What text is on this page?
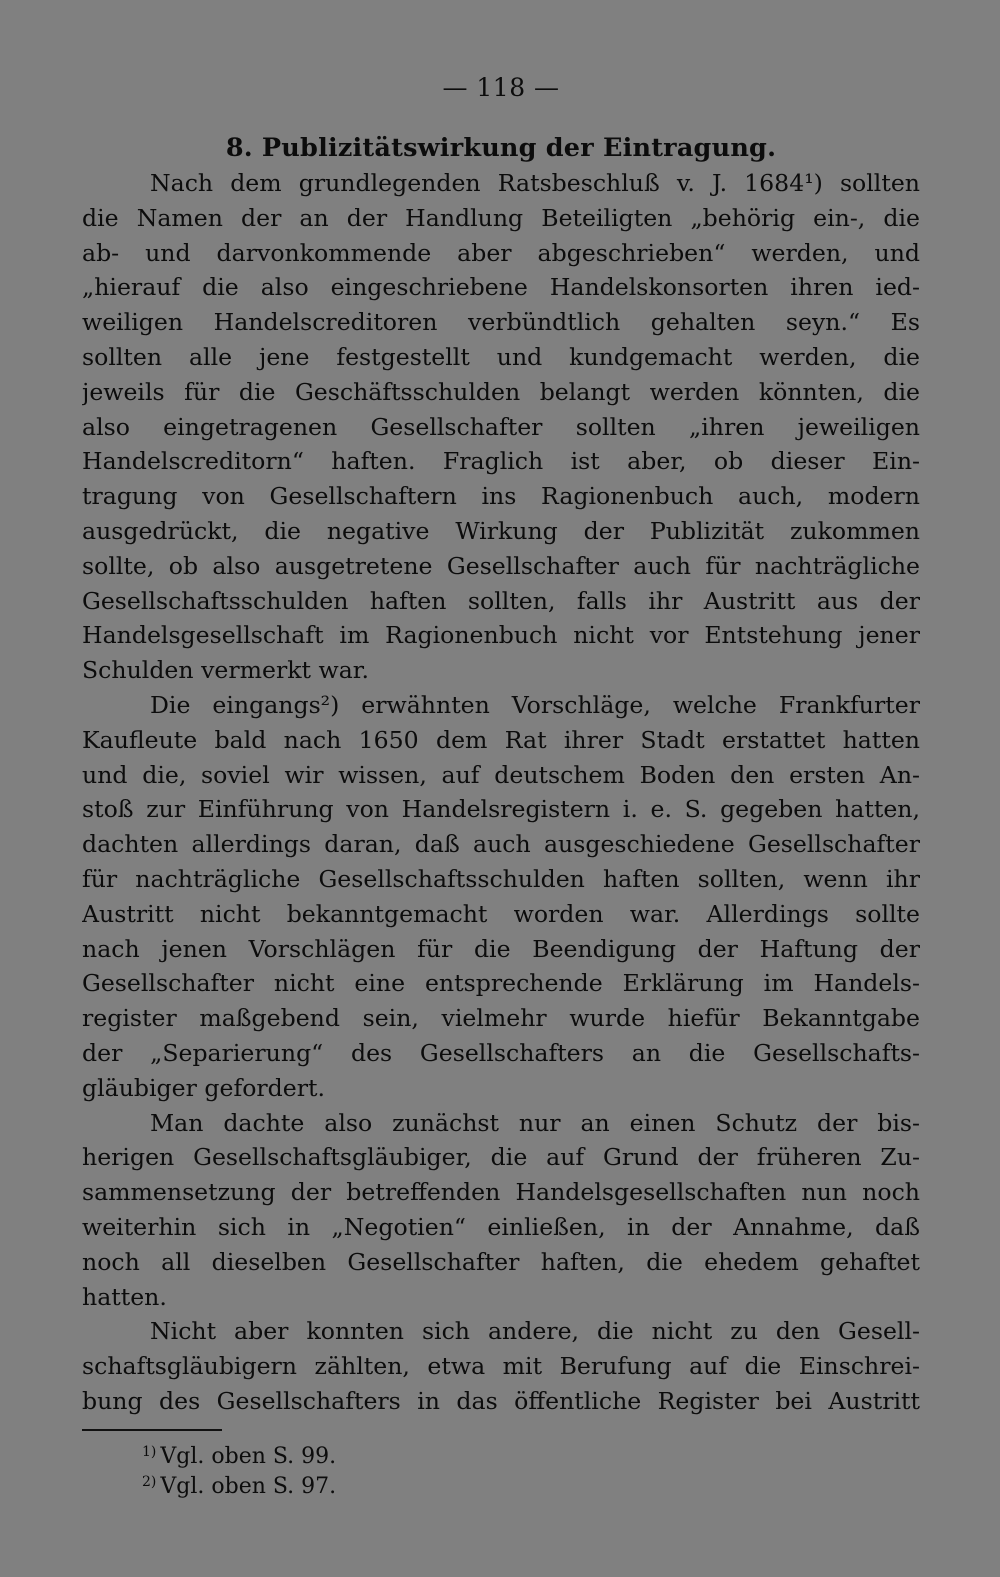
— 118 —
8. Publizitätswirkung der Eintragung.
Nach dem grundlegenden Ratsbeschluß v. J. 1684¹) sollten
die Namen der an der Handlung Beteiligten „behörig ein-, die
ab- und darvonkommende aber abgeschrieben“ werden, und
„hierauf die also eingeschriebene Handelskonsorten ihren ied-
weiligen Handelscreditoren verbündtlich gehalten seyn.“ Es
sollten alle jene festgestellt und kundgemacht werden, die
jeweils für die Geschäftsschulden belangt werden könnten, die
also eingetragenen Gesellschafter sollten „ihren jeweiligen
Handelscreditorn“ haften. Fraglich ist aber, ob dieser Ein-
tragung von Gesellschaftern ins Ragionenbuch auch, modern
ausgedrückt, die negative Wirkung der Publizität zukommen
sollte, ob also ausgetretene Gesellschafter auch für nachträgliche
Gesellschaftsschulden haften sollten, falls ihr Austritt aus der
Handelsgesellschaft im Ragionenbuch nicht vor Entstehung jener
Schulden vermerkt war.
Die eingangs²) erwähnten Vorschläge, welche Frankfurter
Kaufleute bald nach 1650 dem Rat ihrer Stadt erstattet hatten
und die, soviel wir wissen, auf deutschem Boden den ersten An-
stoß zur Einführung von Handelsregistern i. e. S. gegeben hatten,
dachten allerdings daran, daß auch ausgeschiedene Gesellschafter
für nachträgliche Gesellschaftsschulden haften sollten, wenn ihr
Austritt nicht bekanntgemacht worden war. Allerdings sollte
nach jenen Vorschlägen für die Beendigung der Haftung der
Gesellschafter nicht eine entsprechende Erklärung im Handels-
register maßgebend sein, vielmehr wurde hiefür Bekanntgabe
der „Separierung“ des Gesellschafters an die Gesellschafts-
gläubiger gefordert.
Man dachte also zunächst nur an einen Schutz der bis-
herigen Gesellschaftsgläubiger, die auf Grund der früheren Zu-
sammensetzung der betreffenden Handelsgesellschaften nun noch
weiterhin sich in „Negotien“ einließen, in der Annahme, daß
noch all dieselben Gesellschafter haften, die ehedem gehaftet
hatten.
Nicht aber konnten sich andere, die nicht zu den Gesell-
schaftsgläubigern zählten, etwa mit Berufung auf die Einschrei-
bung des Gesellschafters in das öffentliche Register bei Austritt
$^{1)}$ Vgl. oben S. 99.
$^{2)}$ Vgl. oben S. 97.
